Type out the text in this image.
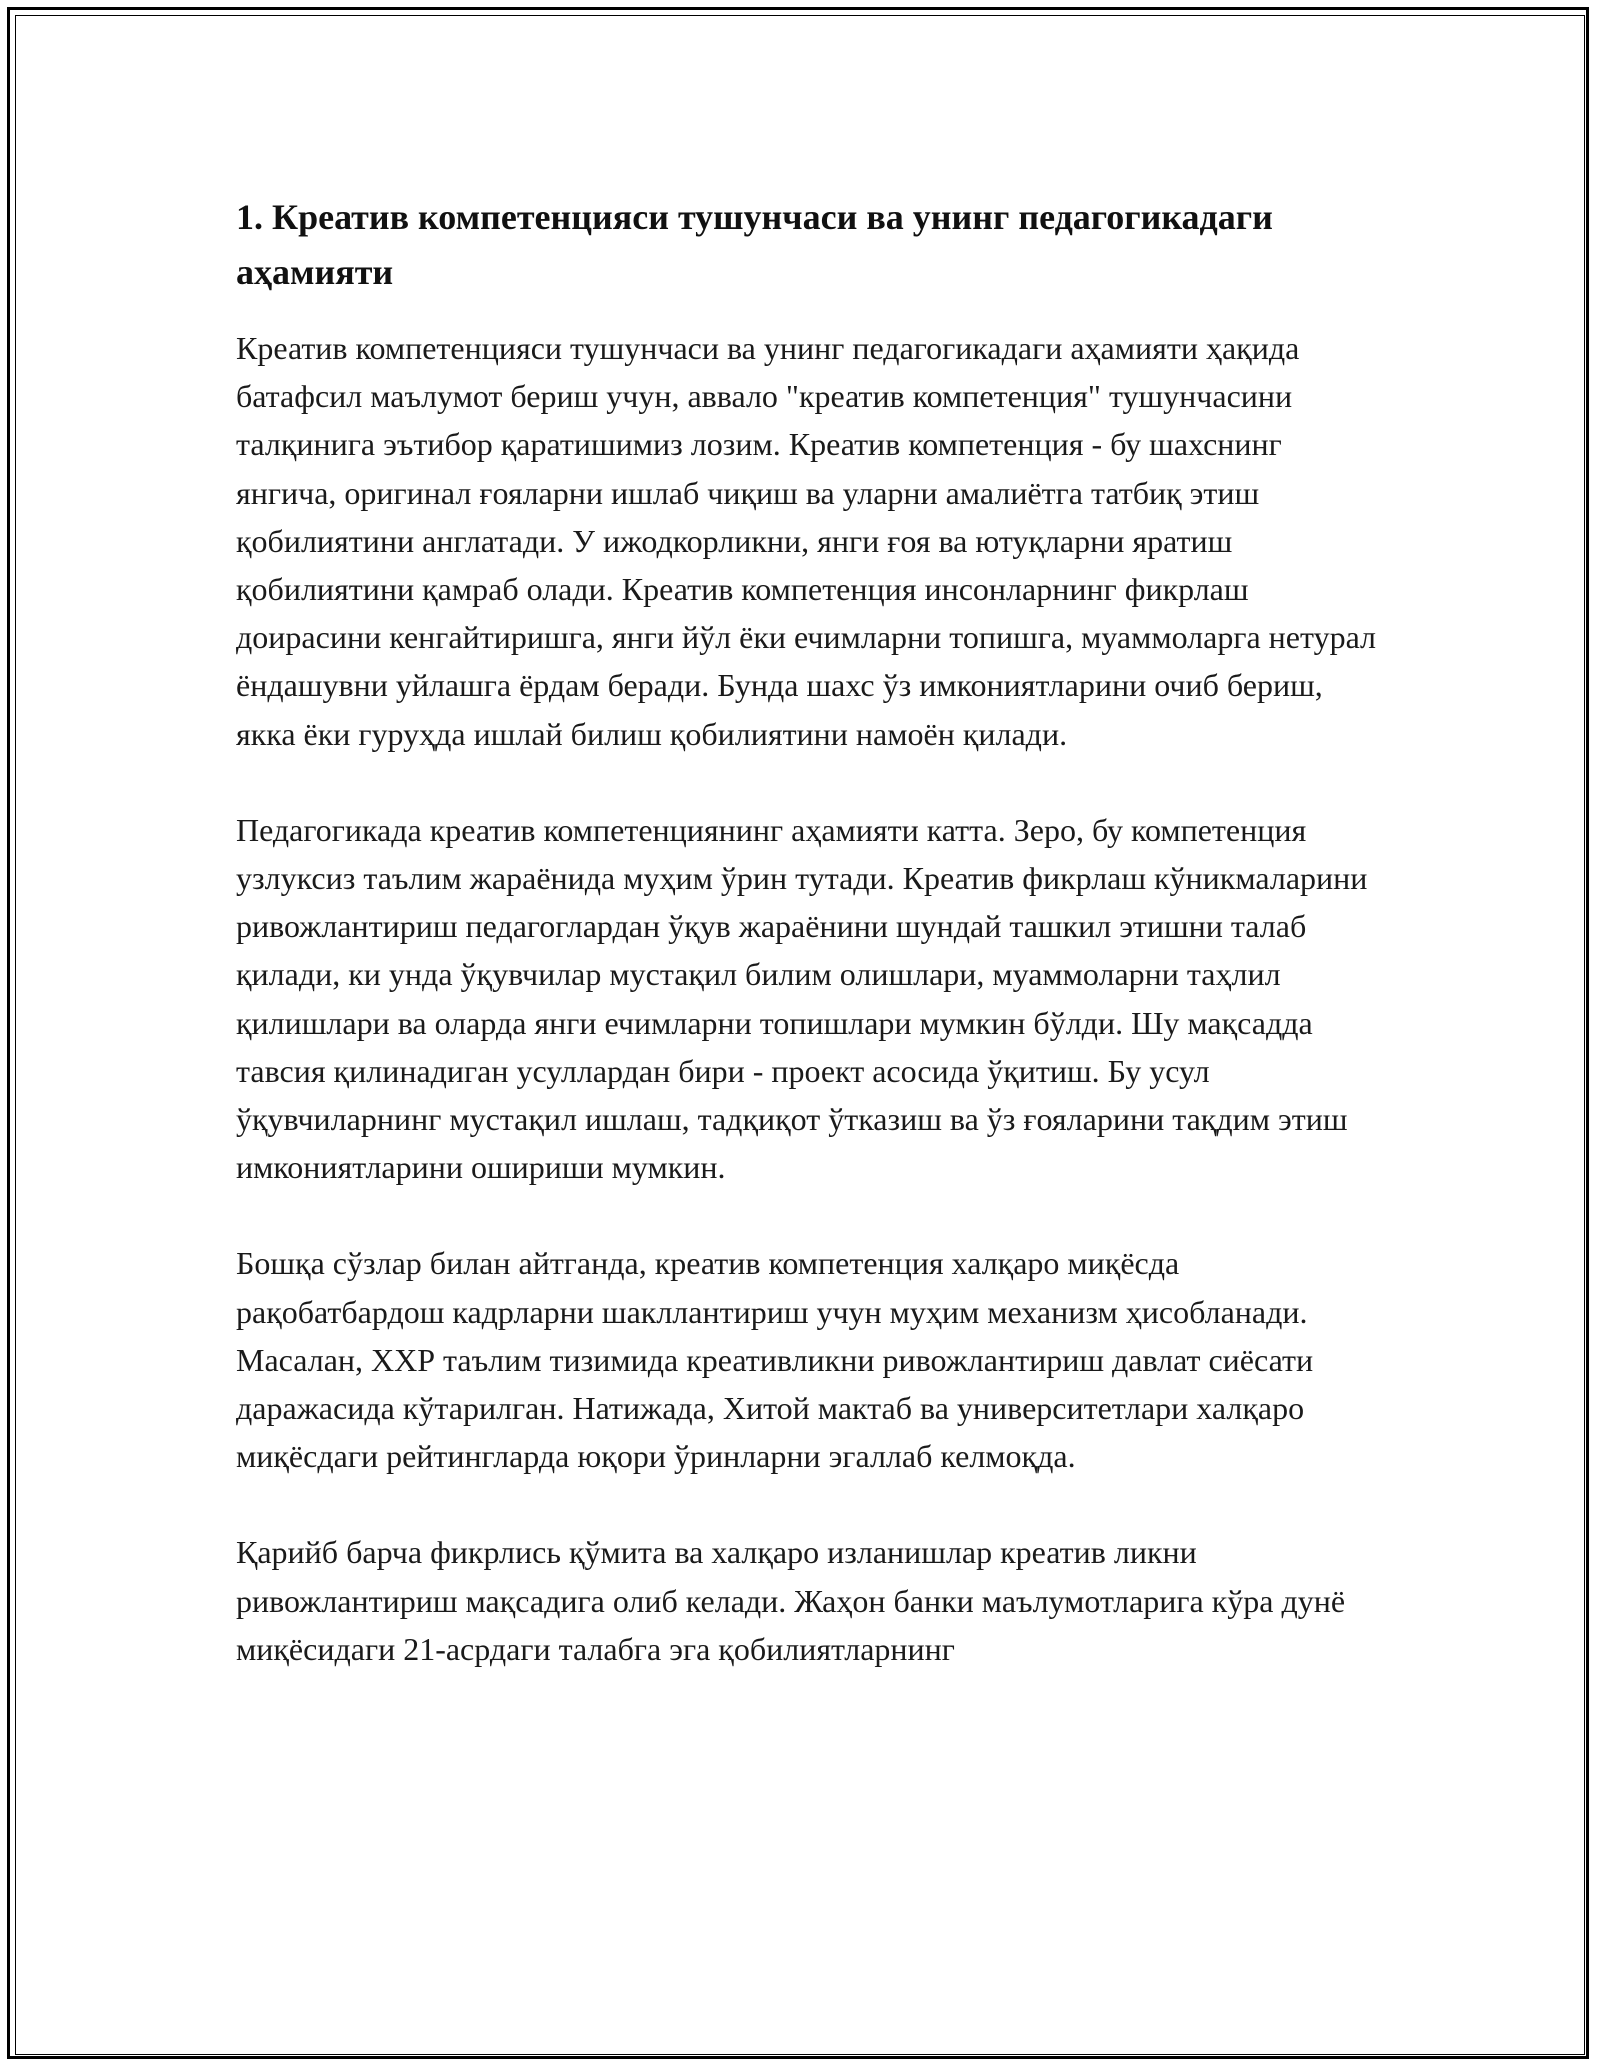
1. Креатив компетенцияси тушунчаси ва унинг педагогикадаги аҳамияти

Креатив компетенцияси тушунчаси ва унинг педагогикадаги аҳамияти ҳақида батафсил маълумот бериш учун, аввало "креатив компетенция" тушунчасини талқинига эътибор қаратишимиз лозим. Креатив компетенция - бу шахснинг янгича, оригинал ғояларни ишлаб чиқиш ва уларни амалиётга татбиқ этиш қобилиятини англатади. У ижодкорликни, янги ғоя ва ютуқларни яратиш қобилиятини қамраб олади. Креатив компетенция инсонларнинг фикрлаш доирасини кенгайтиришга, янги йўл ёки ечимларни топишга, муаммоларга нетурал ёндашувни уйлашга ёрдам беради. Бунда шахс ўз имкониятларини очиб бериш, якка ёки гуруҳда ишлай билиш қобилиятини намоён қилади.

Педагогикада креатив компетенциянинг аҳамияти катта. Зеро, бу компетенция узлуксиз таълим жараёнида муҳим ўрин тутади. Креатив фикрлаш кўникмаларини ривожлантириш педагоглардан ўқув жараёнини шундай ташкил этишни талаб қилади, ки унда ўқувчилар мустақил билим олишлари, муаммоларни таҳлил қилишлари ва оларда янги ечимларни топишлари мумкин бўлди. Шу мақсадда тавсия қилинадиган усуллардан бири - проект асосида ўқитиш. Бу усул ўқувчиларнинг мустақил ишлаш, тадқиқот ўтказиш ва ўз ғояларини тақдим этиш имкониятларини ошириши мумкин.

Бошқа сўзлар билан айтганда, креатив компетенция халқаро миқёсда рақобатбардош кадрларни шакллантириш учун муҳим механизм ҳисобланади. Масалан, ХХР таълим тизимида креативликни ривожлантириш давлат сиёсати даражасида кўтарилган. Натижада, Хитой мактаб ва университетлари халқаро миқёсдаги рейтингларда юқори ўринларни эгаллаб келмоқда.

Қарийб барча фикрлись қўмита ва халқаро изланишлар креатив ликни ривожлантириш мақсадига олиб келади. Жаҳон банки маълумотларига кўра дунё миқёсидаги 21-асрдаги талабга эга қобилиятларнинг
